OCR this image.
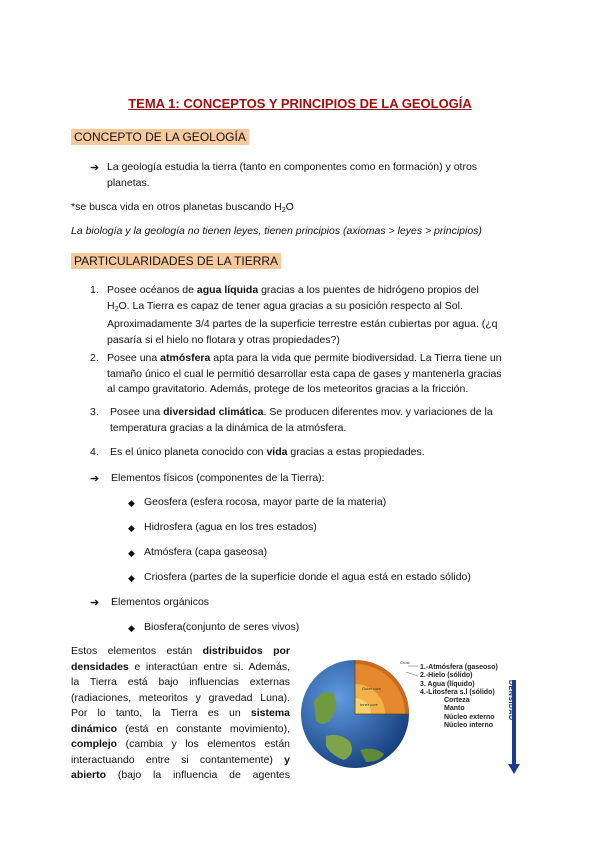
TEMA 1: CONCEPTOS Y PRINCIPIOS DE LA GEOLOGÍA
CONCEPTO DE LA GEOLOGÍA
➔ La geología estudia la tierra (tanto en componentes como en formación) y otros
planetas.
*se busca vida en otros planetas buscando $H_2O$
La biología y la geología no tienen leyes, tienen principios (axiomas > leyes > principios)
PARTICULARIDADES DE LA TIERRA
1. Posee océanos de agua líquida gracias a los puentes de hidrógeno propios del
$H_2O$. La Tierra es capaz de tener agua gracias a su posición respecto al Sol.
Aproximadamente 3/4 partes de la superficie terrestre están cubiertas por agua. (¿q
pasaría si el hielo no flotara y otras propiedades?)
2. Posee una atmósfera apta para la vida que permite biodiversidad. La Tierra tiene un
tamaño único el cual le permitió desarrollar esta capa de gases y mantenerla gracias
al campo gravitatorio. Además, protege de los meteoritos gracias a la fricción.
3. Posee una diversidad climática. Se producen diferentes mov. y variaciones de la
temperatura gracias a la dinámica de la atmósfera.
4. Es el único planeta conocido con vida gracias a estas propiedades.
➔ Elementos físicos (componentes de la Tierra):
◆ Geosfera (esfera rocosa, mayor parte de la materia)
◆ Hidrosfera (agua en los tres estados)
◆ Atmósfera (capa gaseosa)
◆ Criosfera (partes de la superficie donde el agua está en estado sólido)
➔ Elementos orgánicos
◆ Biosfera(conjunto de seres vivos)
Estos elementos están distribuidos por
densidades e interactúan entre si. Además,
la Tierra está bajo influencias externas
(radiaciones, meteoritos y gravedad Luna).
Por lo tanto, la Tierra es un sistema
dinámico (está en constante movimiento),
complejo (cambia y los elementos están
interactuando entre si contantemente) y
abierto (bajo la influencia de agentes
Crust
Outer core
Inner core
1.-Atmósfera (gaseoso)
2.-Hielo (sólido)
3. Agua (líquido)
4.-Litosfera s.l (sólido)
Corteza
Manto
Núcleo externo
Núcleo interno
DENSIDAD
